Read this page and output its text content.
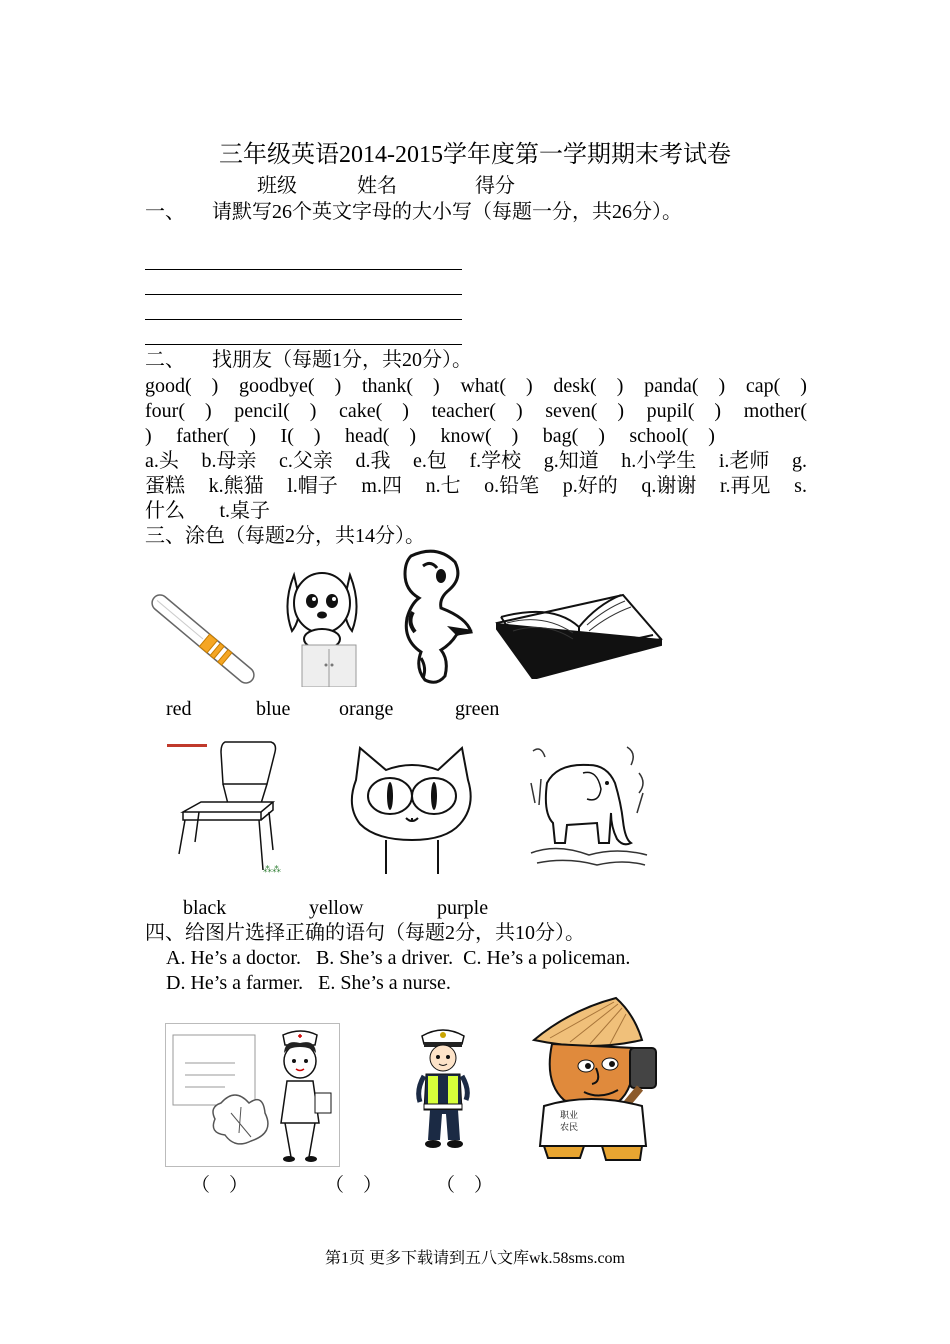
三年级英语2014-2015学年度第一学期期末考试卷
班级	姓名	得分
一、 请默写26个英文字母的大小写（每题一分，共26分）。
二、 找朋友（每题1分，共20分）。
good(　) goodbye(　) thank(　) what(　) desk(　) panda(　) cap(　)
four(　) pencil(　) cake(　) teacher(　) seven(　) pupil(　) mother(
) father(　) I(　) head(　) know(　) bag(　) school(　)
a.头 b.母亲 c.父亲 d.我 e.包 f.学校 g.知道 h.小学生 i.老师 g.
蛋糕 k.熊猫 l.帽子 m.四 n.七 o.铅笔 p.好的 q.谢谢 r.再见 s.
什么 t.桌子
三、涂色（每题2分，共14分）。
red	blue orange	green
⁂⁂
black	yellow	purple
四、给图片选择正确的语句（每题2分，共10分）。
A. He’s a doctor.   B. She’s a driver.  C. He’s a policeman.
D. He’s a farmer.   E. She’s a nurse.
职业
农民
（　）	（　）	（　）
第1页 更多下载请到五八文库wk.58sms.com
